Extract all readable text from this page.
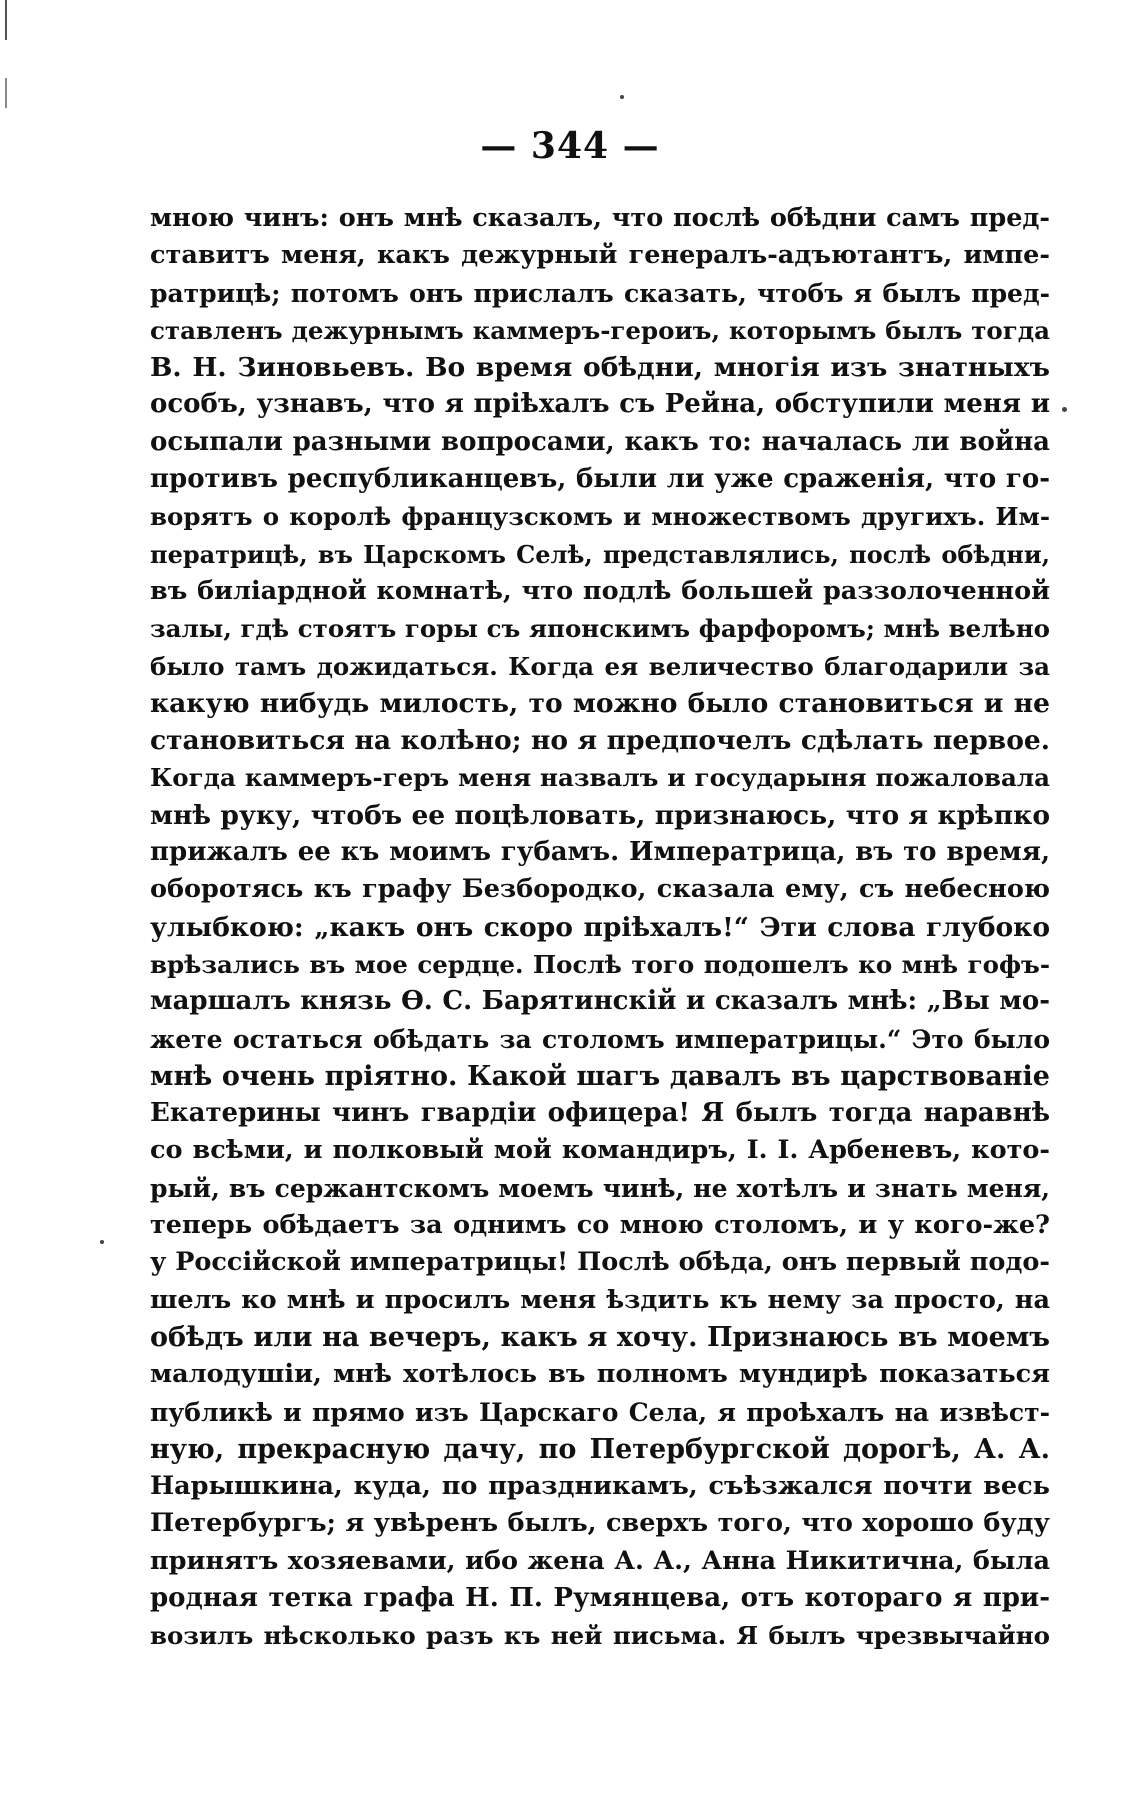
— 344 —
мною чинъ: онъ мнѣ сказалъ, что послѣ обѣдни самъ пред-
ставитъ меня, какъ дежурный генералъ-адъютантъ, импе-
ратрицѣ; потомъ онъ прислалъ сказать, чтобъ я былъ пред-
ставленъ дежурнымъ каммеръ-героиъ, которымъ былъ тогда
В. Н. Зиновьевъ. Во время обѣдни, многія изъ знатныхъ
особъ, узнавъ, что я пріѣхалъ съ Рейна, обступили меня и
осыпали разными вопросами, какъ то: началась ли война
противъ республиканцевъ, были ли уже сраженія, что го-
ворятъ о королѣ французскомъ и множествомъ другихъ. Им-
ператрицѣ, въ Царскомъ Селѣ, представлялись, послѣ обѣдни,
въ биліардной комнатѣ, что подлѣ большей раззолоченной
залы, гдѣ стоятъ горы съ японскимъ фарфоромъ; мнѣ велѣно
было тамъ дожидаться. Когда ея величество благодарили за
какую нибудь милость, то можно было становиться и не
становиться на колѣно; но я предпочелъ сдѣлать первое.
Когда каммеръ-геръ меня назвалъ и государыня пожаловала
мнѣ руку, чтобъ ее поцѣловать, признаюсь, что я крѣпко
прижалъ ее къ моимъ губамъ. Императрица, въ то время,
оборотясь къ графу Безбородко, сказала ему, съ небесною
улыбкою: „какъ онъ скоро пріѣхалъ!“ Эти слова глубоко
врѣзались въ мое сердце. Послѣ того подошелъ ко мнѣ гофъ-
маршалъ князь Ѳ. С. Барятинскій и сказалъ мнѣ: „Вы мо-
жете остаться обѣдать за столомъ императрицы.“ Это было
мнѣ очень пріятно. Какой шагъ давалъ въ царствованіе
Екатерины чинъ гвардіи офицера! Я былъ тогда наравнѣ
со всѣми, и полковый мой командиръ, І. І. Арбеневъ, кото-
рый, въ сержантскомъ моемъ чинѣ, не хотѣлъ и знать меня,
теперь обѣдаетъ за однимъ со мною столомъ, и у кого-же?
у Россійской императрицы! Послѣ обѣда, онъ первый подо-
шелъ ко мнѣ и просилъ меня ѣздить къ нему за просто, на
обѣдъ или на вечеръ, какъ я хочу. Признаюсь въ моемъ
малодушіи, мнѣ хотѣлось въ полномъ мундирѣ показаться
публикѣ и прямо изъ Царскаго Села, я проѣхалъ на извѣст-
ную, прекрасную дачу, по Петербургской дорогѣ, А. А.
Нарышкина, куда, по праздникамъ, съѣзжался почти весь
Петербургъ; я увѣренъ былъ, сверхъ того, что хорошо буду
принятъ хозяевами, ибо жена А. А., Анна Никитична, была
родная тетка графа Н. П. Румянцева, отъ котораго я при-
возилъ нѣсколько разъ къ ней письма. Я былъ чрезвычайно
